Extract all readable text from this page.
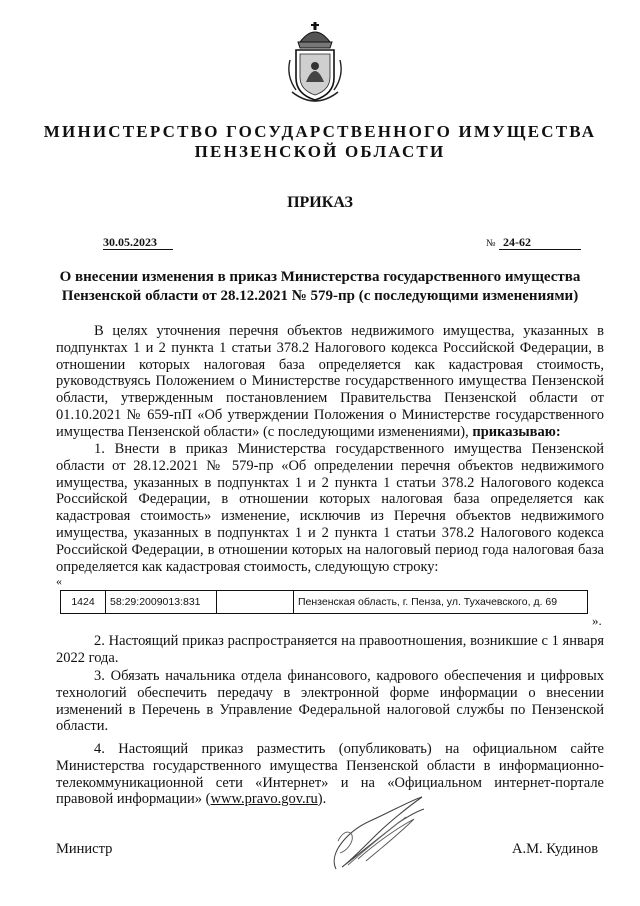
МИНИСТЕРСТВО ГОСУДАРСТВЕННОГО ИМУЩЕСТВА
ПЕНЗЕНСКОЙ ОБЛАСТИ
ПРИКАЗ
30.05.2023	№ 24-62
О внесении изменения в приказ Министерства государственного имущества
Пензенской области от 28.12.2021 № 579-пр (с последующими изменениями)

В целях уточнения перечня объектов недвижимого имущества, указанных в подпунктах 1 и 2 пункта 1 статьи 378.2 Налогового кодекса Российской Федерации, в отношении которых налоговая база определяется как кадастровая стоимость, руководствуясь Положением о Министерстве государственного имущества Пензенской области, утвержденным постановлением Правительства Пензенской области от 01.10.2021 № 659-пП «Об утверждении Положения о Министерстве государственного имущества Пензенской области» (с последующими изменениями), приказываю:

1. Внести в приказ Министерства государственного имущества Пензенской области от 28.12.2021 № 579-пр «Об определении перечня объектов недвижимого имущества, указанных в подпунктах 1 и 2 пункта 1 статьи 378.2 Налогового кодекса Российской Федерации, в отношении которых налоговая база определяется как кадастровая стоимость» изменение, исключив из Перечня объектов недвижимого имущества, указанных в подпунктах 1 и 2 пункта 1 статьи 378.2 Налогового кодекса Российской Федерации, в отношении которых на налоговый период года налоговая база определяется как кадастровая стоимость, следующую строку:

«
1424	58:29:2009013:831		Пензенская область, г. Пенза, ул. Тухачевского, д. 69
».

2. Настоящий приказ распространяется на правоотношения, возникшие с 1 января 2022 года.

3. Обязать начальника отдела финансового, кадрового обеспечения и цифровых технологий обеспечить передачу в электронной форме информации о внесении изменений в Перечень в Управление Федеральной налоговой службы по Пензенской области.

4. Настоящий приказ разместить (опубликовать) на официальном сайте Министерства государственного имущества Пензенской области в информационно-телекоммуникационной сети «Интернет» и на «Официальном интернет-портале правовой информации» (www.pravo.gov.ru).

Министр	А.М. Кудинов
